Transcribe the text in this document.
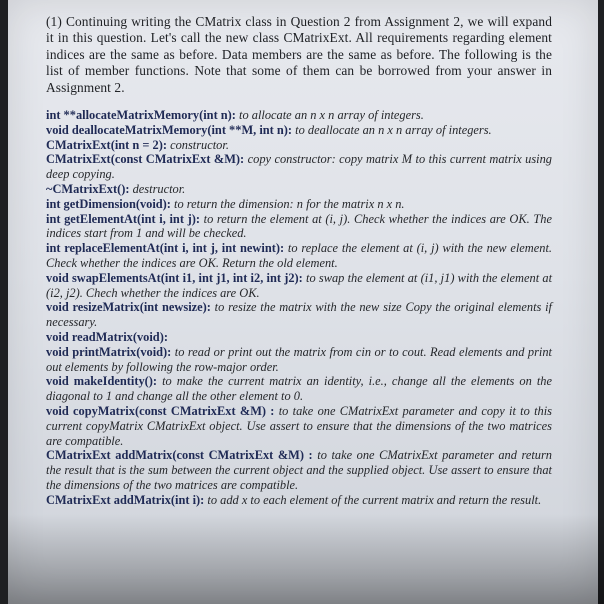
(1) Continuing writing the CMatrix class in Question 2 from Assignment 2, we will expand it in this question. Let's call the new class CMatrixExt. All requirements regarding element indices are the same as before. Data members are the same as before. The following is the list of member functions. Note that some of them can be borrowed from your answer in Assignment 2.

int **allocateMatrixMemory(int n): to allocate an n x n array of integers.

void deallocateMatrixMemory(int **M, int n): to deallocate an n x n array of integers.

CMatrixExt(int n = 2): constructor.

CMatrixExt(const CMatrixExt &M): copy constructor: copy matrix M to this current matrix using deep copying.

~CMatrixExt(): destructor.

int getDimension(void): to return the dimension: n for the matrix n x n.

int getElementAt(int i, int j): to return the element at (i, j). Check whether the indices are OK. The indices start from 1 and will be checked.

int replaceElementAt(int i, int j, int newint): to replace the element at (i, j) with the new element. Check whether the indices are OK. Return the old element.

void swapElementsAt(int i1, int j1, int i2, int j2): to swap the element at (i1, j1) with the element at (i2, j2). Chech whether the indices are OK.

void resizeMatrix(int newsize): to resize the matrix with the new size Copy the original elements if necessary.

void readMatrix(void):

void printMatrix(void): to read or print out the matrix from cin or to cout. Read elements and print out elements by following the row-major order.

void makeIdentity(): to make the current matrix an identity, i.e., change all the elements on the diagonal to 1 and change all the other element to 0.

void copyMatrix(const CMatrixExt &M) : to take one CMatrixExt parameter and copy it to this current copyMatrix CMatrixExt object. Use assert to ensure that the dimensions of the two matrices are compatible.

CMatrixExt addMatrix(const CMatrixExt &M) : to take one CMatrixExt parameter and return the result that is the sum between the current object and the supplied object. Use assert to ensure that the dimensions of the two matrices are compatible.

CMatrixExt addMatrix(int i): to add x to each element of the current matrix and return the result.
